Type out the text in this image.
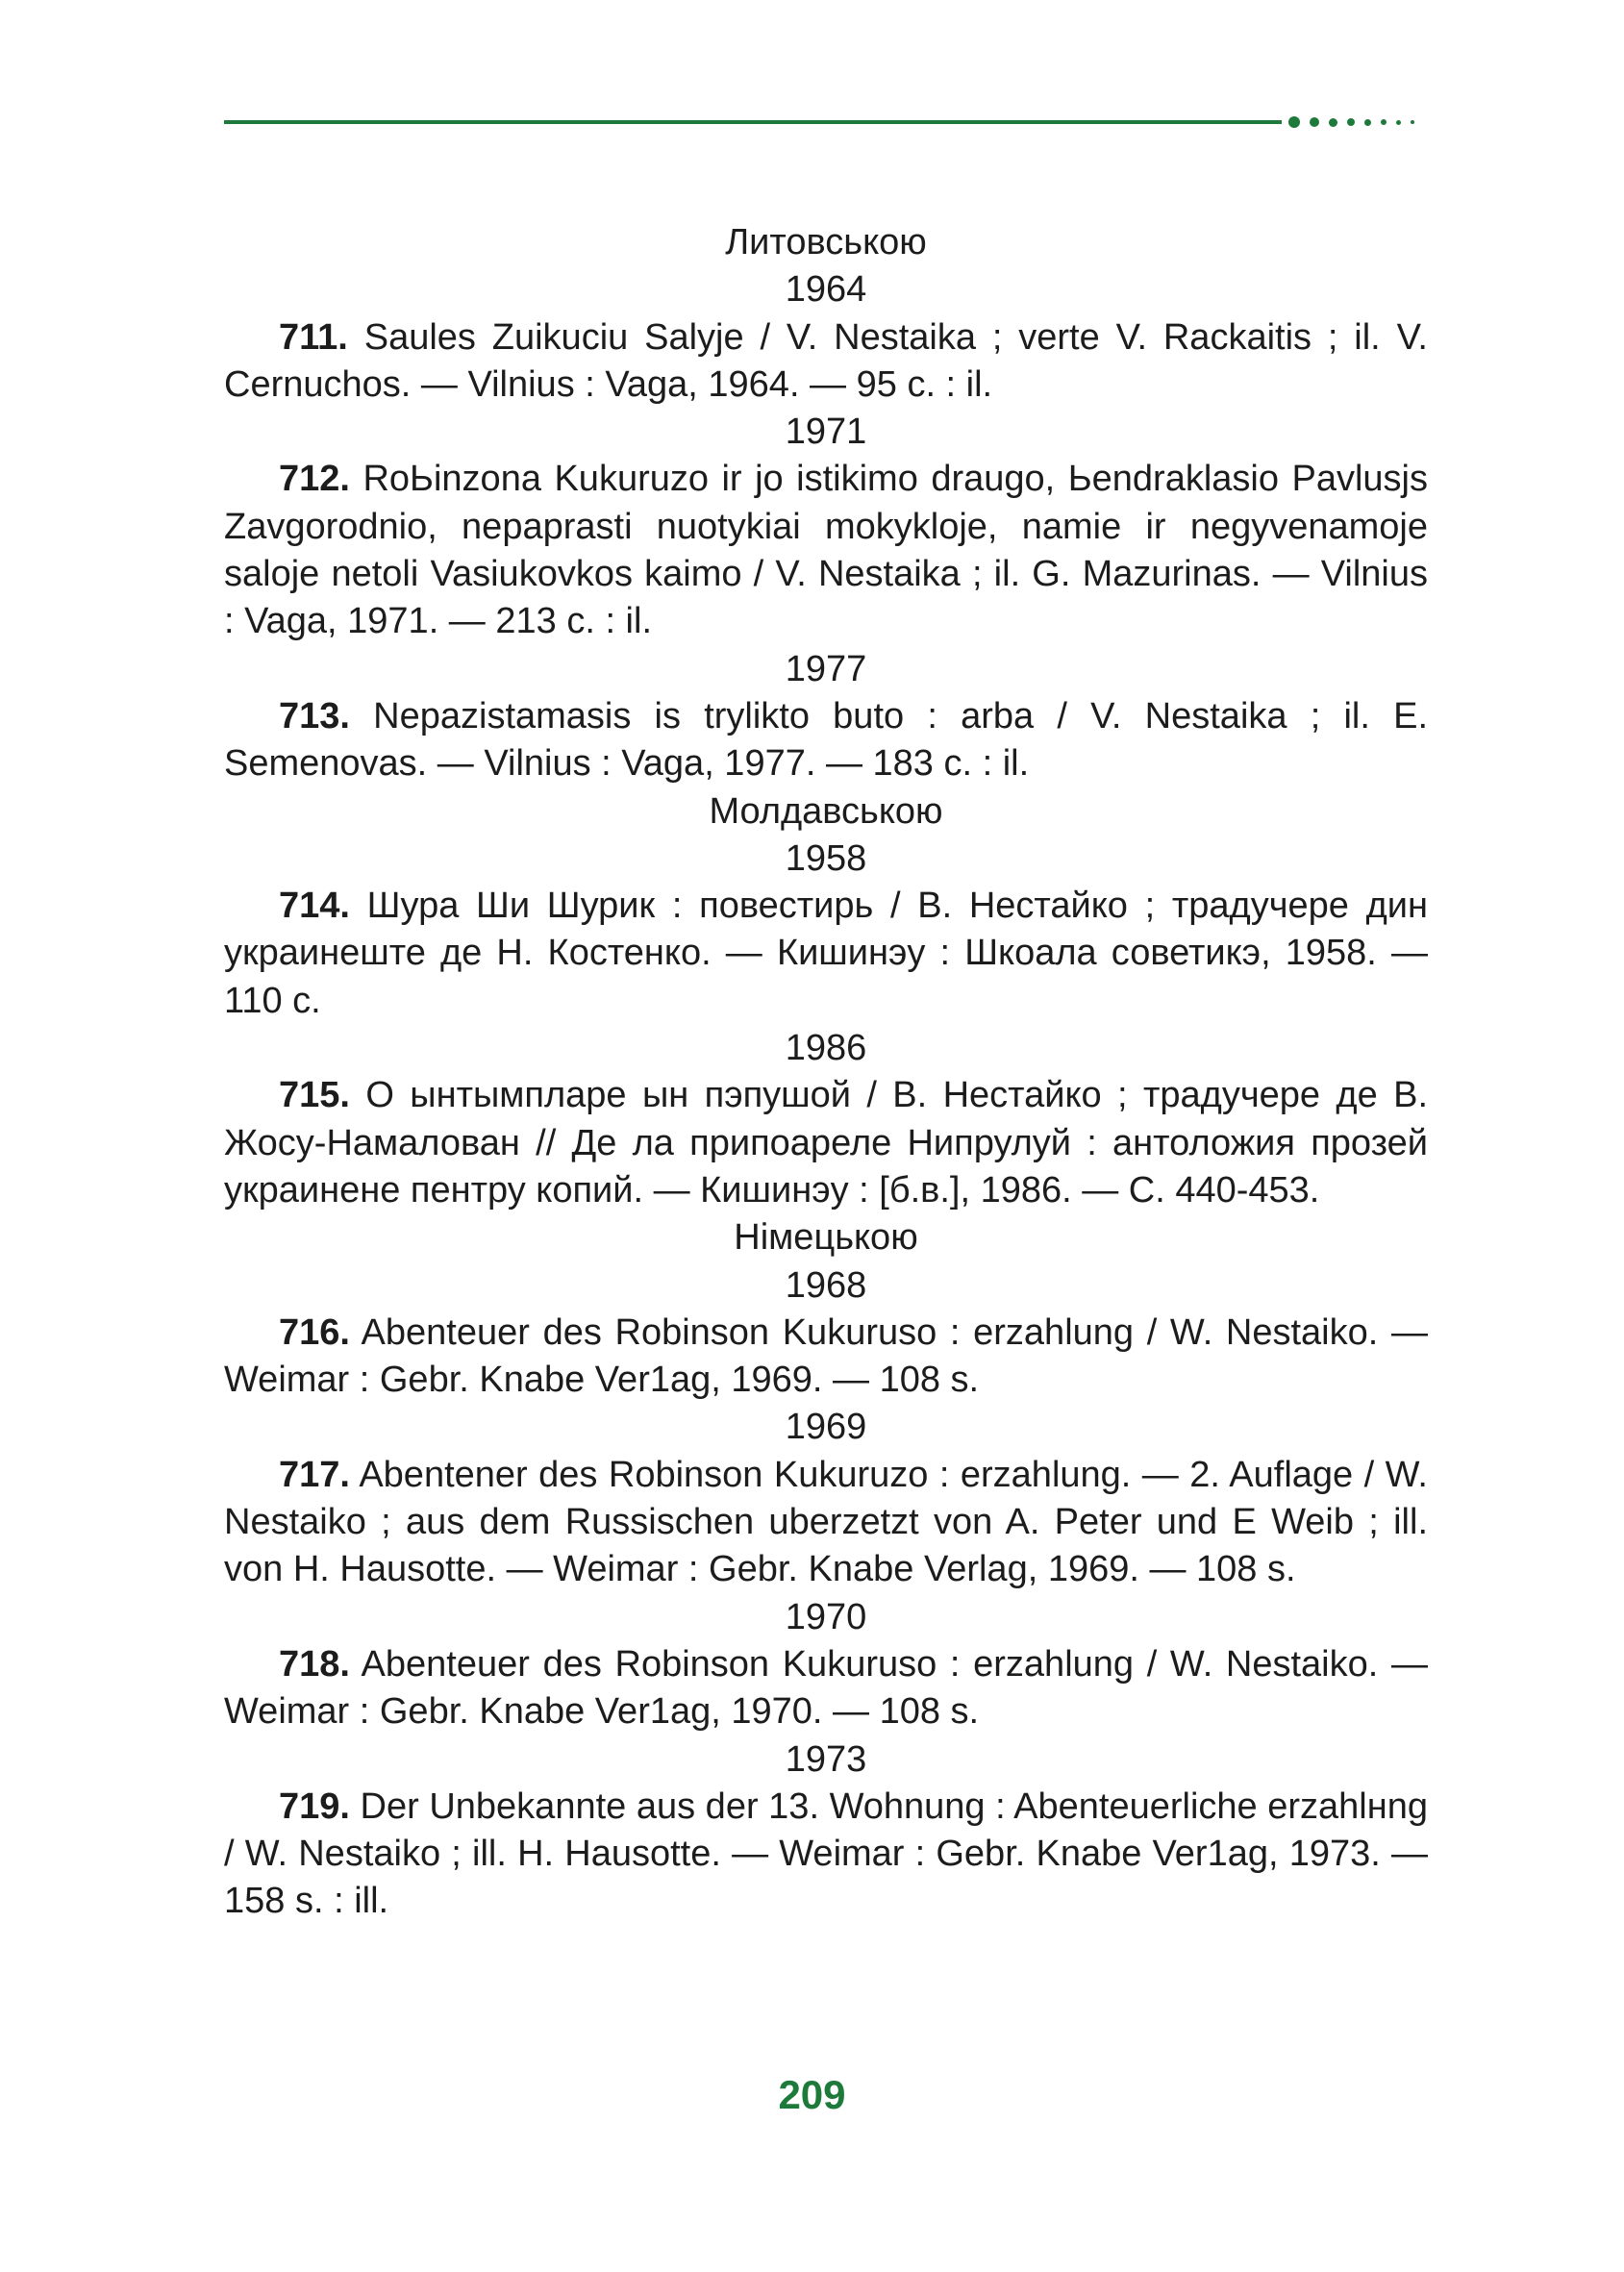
Литовською
1964

711. Saules Zuikuciu Salyje / V. Nestaika ; verte V. Rackaitis ; il. V. Cernuchos. — Vilnius : Vaga, 1964. — 95 с. : il.

1971

712. RoЬinzona Kukuruzo ir jo istikimo draugo, Ьendraklasio Pavlusjs Zavgorodnio, nepaprasti nuotykiai mokykloje, namie ir negyvenamoje saloje netoli Vasiukovkos kaimo / V. Nestaika ; il. G. Mazurinas. — Vilnius : Vaga, 1971. — 213 с. : il.

1977

713. Nepazistamasis is trylikto buto : arba / V. Nestaika ; il. E. Semenovas. — Vilnius : Vaga, 1977. — 183 с. : il.

Молдавською
1958

714. Шура Ши Шурик : повестирь / В. Нестайко ; традучере дин украинеште де Н. Костенко. — Кишинэу : Шкоала советикэ, 1958. — 110 с.

1986

715. О ынтымпларе ын пэпушой / В. Нестайко ; традучере де В. Жосу-Намалован // Де ла припоареле Нипрулуй : антоложия прозей украинене пентру копий. — Кишинэу : [б.в.], 1986. — С. 440-453.

Німецькою
1968

716. Abenteuer des Robinson Kukuruso : erzahlung / W. Nestaiko. — Weimar : Gebr. Knabe Ver1ag, 1969. — 108 s.

1969

717. Abentener des Robinson Kukuruzo : erzahlung. — 2. Auflage / W. Nestaiko ; aus dem Russischen uberzetzt von A. Peter und E Weib ; ill. von H. Hausotte. — Weimar : Gebr. Knabe Verlag, 1969. — 108 s.

1970

718. Abenteuer des Robinson Kukuruso : erzahlung / W. Nestaiko. —Weimar : Gebr. Knabe Ver1ag, 1970. — 108 s.

1973

719. Der Unbekannte aus der 13. Wohnung : Abenteuerliche erzahlнng / W. Nestaiko ; ill. H. Hausotte. — Weimar : Gebr. Knabe Ver1ag, 1973. — 158 s. : ill.

209
